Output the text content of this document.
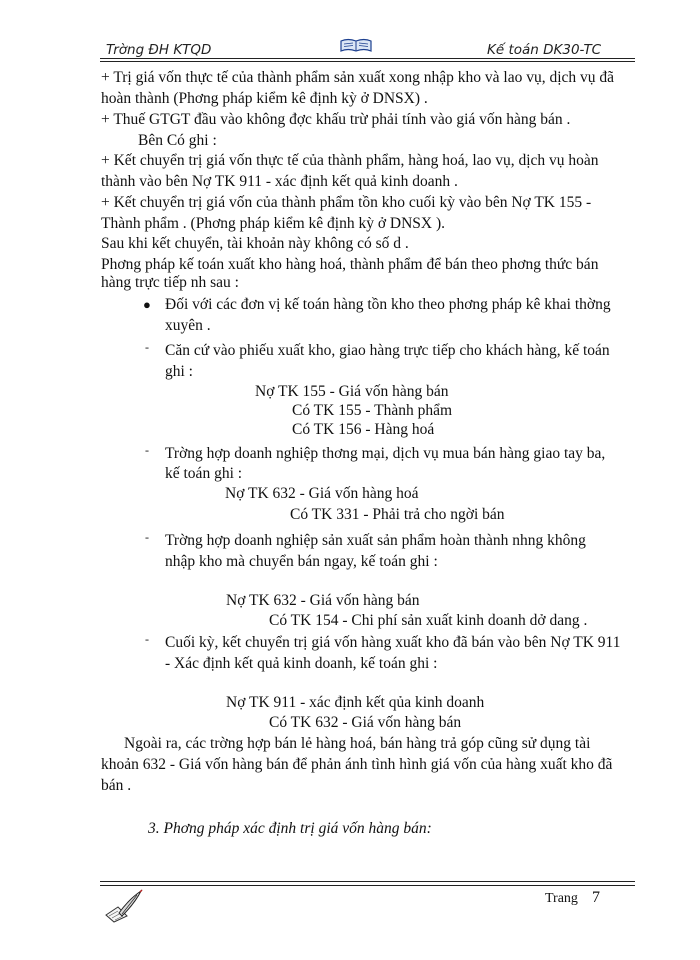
Trờng ĐH KTQD	Kế toán DK30-TC
+ Trị giá vốn thực tế của thành phẩm sản xuất xong nhập kho và lao vụ, dịch vụ đã
hoàn thành (Phơng pháp kiểm kê định kỳ ở DNSX) .
+ Thuế GTGT đầu vào không đợc khấu trừ phải tính vào giá vốn hàng bán .
Bên Có ghi :
+ Kết chuyển trị giá vốn thực tế của thành phẩm, hàng hoá, lao vụ, dịch vụ hoàn
thành vào bên Nợ TK 911 - xác định kết quả kinh doanh .
+ Kết chuyển trị giá vốn của thành phẩm tồn kho cuối kỳ vào bên Nợ TK 155 -
Thành phẩm . (Phơng pháp kiểm kê định kỳ ở DNSX ).
Sau khi kết chuyển, tài khoản này không có số d .
Phơng pháp kế toán xuất kho hàng hoá, thành phẩm để bán theo phơng thức bán
hàng trực tiếp nh sau :
● Đối với các đơn vị kế toán hàng tồn kho theo phơng pháp kê khai thờng
xuyên .
- Căn cứ vào phiếu xuất kho, giao hàng trực tiếp cho khách hàng, kế toán
ghi :
Nợ TK 155 - Giá vốn hàng bán
Có TK 155 - Thành phẩm
Có TK 156 - Hàng hoá
- Trờng hợp doanh nghiệp thơng mại, dịch vụ mua bán hàng giao tay ba,
kế toán ghi :
Nợ TK 632 - Giá vốn hàng hoá
Có TK 331 - Phải trả cho ngời bán
- Trờng hợp doanh nghiệp sản xuất sản phẩm hoàn thành nhng không
nhập kho mà chuyển bán ngay, kế toán ghi :
Nợ TK 632 - Giá vốn hàng bán
Có TK 154 - Chi phí sản xuất kinh doanh dở dang .
- Cuối kỳ, kết chuyển trị giá vốn hàng xuất kho đã bán vào bên Nợ TK 911
- Xác định kết quả kinh doanh, kế toán ghi :
Nợ TK 911 - xác định kết qủa kinh doanh
Có TK 632 - Giá vốn hàng bán
Ngoài ra, các trờng hợp bán lẻ hàng hoá, bán hàng trả góp cũng sử dụng tài
khoản 632 - Giá vốn hàng bán để phản ánh tình hình giá vốn của hàng xuất kho đã
bán .
3. Phơng pháp xác định trị giá vốn hàng bán:
Trang 7
